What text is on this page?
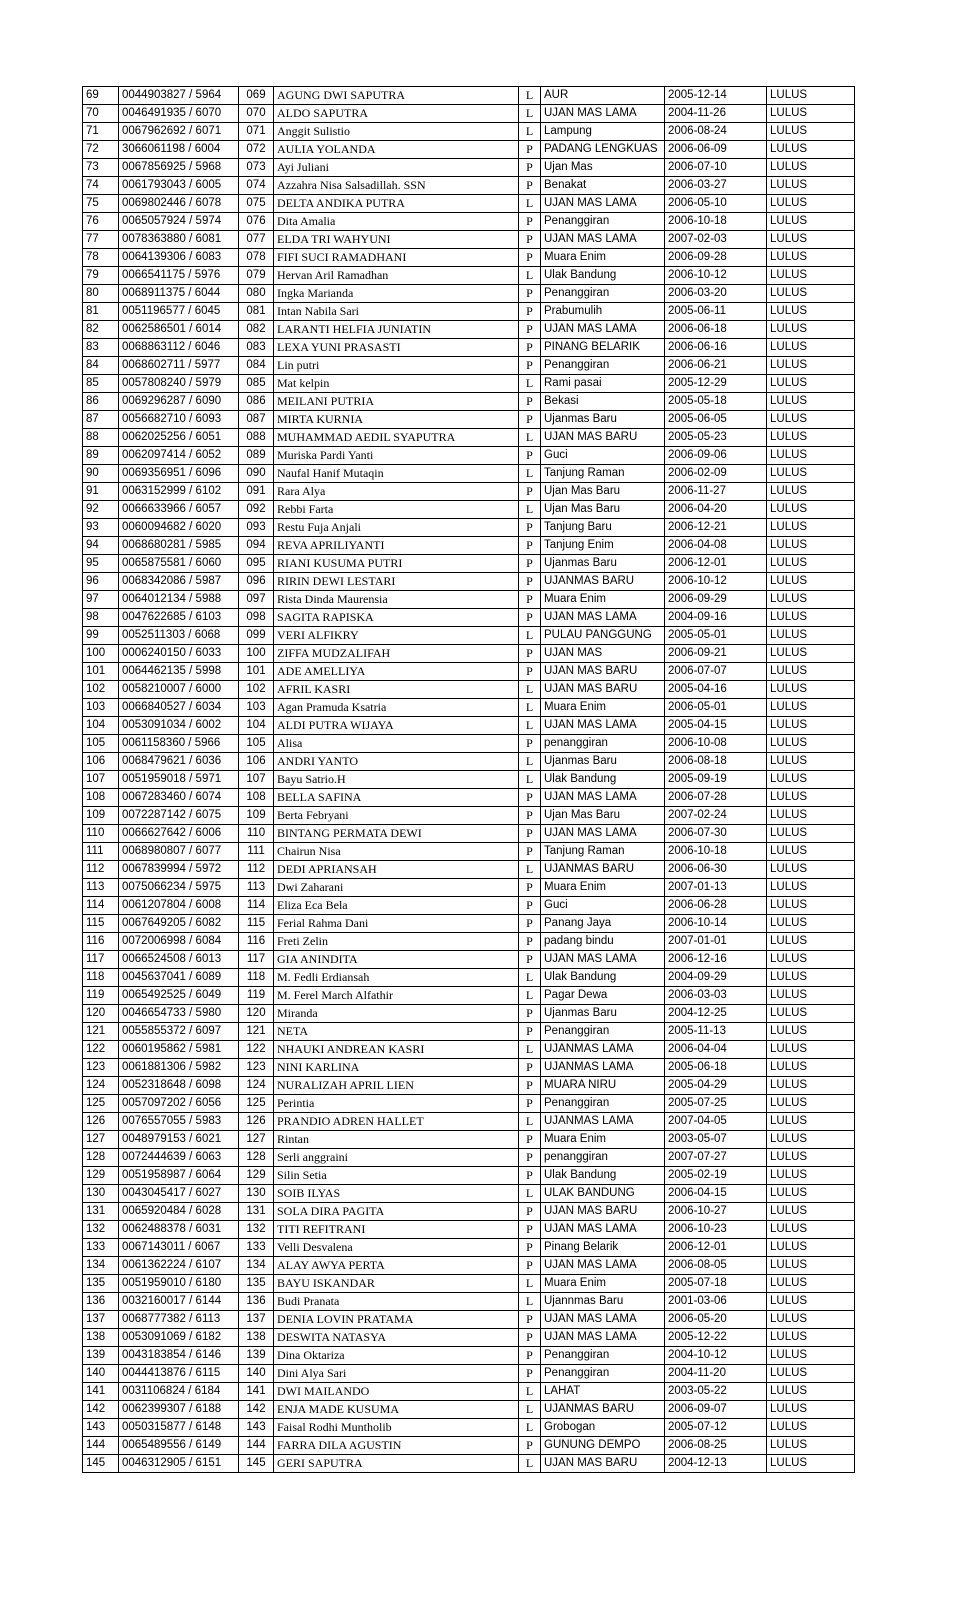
69	0044903827 / 5964	069	AGUNG DWI SAPUTRA	L	AUR	2005-12-14	LULUS
70	0046491935 / 6070	070	ALDO SAPUTRA	L	UJAN MAS LAMA	2004-11-26	LULUS
71	0067962692 / 6071	071	Anggit Sulistio	L	Lampung	2006-08-24	LULUS
72	3066061198 / 6004	072	AULIA YOLANDA	P	PADANG LENGKUAS	2006-06-09	LULUS
73	0067856925 / 5968	073	Ayi Juliani	P	Ujan Mas	2006-07-10	LULUS
74	0061793043 / 6005	074	Azzahra Nisa Salsadillah. SSN	P	Benakat	2006-03-27	LULUS
75	0069802446 / 6078	075	DELTA ANDIKA PUTRA	L	UJAN MAS LAMA	2006-05-10	LULUS
76	0065057924 / 5974	076	Dita Amalia	P	Penanggiran	2006-10-18	LULUS
77	0078363880 / 6081	077	ELDA TRI WAHYUNI	P	UJAN MAS LAMA	2007-02-03	LULUS
78	0064139306 / 6083	078	FIFI SUCI RAMADHANI	P	Muara Enim	2006-09-28	LULUS
79	0066541175 / 5976	079	Hervan Aril Ramadhan	L	Ulak Bandung	2006-10-12	LULUS
80	0068911375 / 6044	080	Ingka Marianda	P	Penanggiran	2006-03-20	LULUS
81	0051196577 / 6045	081	Intan Nabila Sari	P	Prabumulih	2005-06-11	LULUS
82	0062586501 / 6014	082	LARANTI HELFIA JUNIATIN	P	UJAN MAS LAMA	2006-06-18	LULUS
83	0068863112 / 6046	083	LEXA YUNI PRASASTI	P	PINANG BELARIK	2006-06-16	LULUS
84	0068602711 / 5977	084	Lin putri	P	Penanggiran	2006-06-21	LULUS
85	0057808240 / 5979	085	Mat kelpin	L	Rami pasai	2005-12-29	LULUS
86	0069296287 / 6090	086	MEILANI PUTRIA	P	Bekasi	2005-05-18	LULUS
87	0056682710 / 6093	087	MIRTA KURNIA	P	Ujanmas Baru	2005-06-05	LULUS
88	0062025256 / 6051	088	MUHAMMAD AEDIL SYAPUTRA	L	UJAN MAS BARU	2005-05-23	LULUS
89	0062097414 / 6052	089	Muriska Pardi Yanti	P	Guci	2006-09-06	LULUS
90	0069356951 / 6096	090	Naufal Hanif Mutaqin	L	Tanjung Raman	2006-02-09	LULUS
91	0063152999 / 6102	091	Rara Alya	P	Ujan Mas Baru	2006-11-27	LULUS
92	0066633966 / 6057	092	Rebbi Farta	L	Ujan Mas Baru	2006-04-20	LULUS
93	0060094682 / 6020	093	Restu Fuja Anjali	P	Tanjung Baru	2006-12-21	LULUS
94	0068680281 / 5985	094	REVA APRILIYANTI	P	Tanjung Enim	2006-04-08	LULUS
95	0065875581 / 6060	095	RIANI KUSUMA PUTRI	P	Ujanmas Baru	2006-12-01	LULUS
96	0068342086 / 5987	096	RIRIN DEWI LESTARI	P	UJANMAS BARU	2006-10-12	LULUS
97	0064012134 / 5988	097	Rista Dinda Maurensia	P	Muara Enim	2006-09-29	LULUS
98	0047622685 / 6103	098	SAGITA RAPISKA	P	UJAN MAS LAMA	2004-09-16	LULUS
99	0052511303 / 6068	099	VERI ALFIKRY	L	PULAU PANGGUNG	2005-05-01	LULUS
100	0006240150 / 6033	100	ZIFFA MUDZALIFAH	P	UJAN MAS	2006-09-21	LULUS
101	0064462135 / 5998	101	ADE AMELLIYA	P	UJAN MAS BARU	2006-07-07	LULUS
102	0058210007 / 6000	102	AFRIL KASRI	L	UJAN MAS BARU	2005-04-16	LULUS
103	0066840527 / 6034	103	Agan Pramuda Ksatria	L	Muara Enim	2006-05-01	LULUS
104	0053091034 / 6002	104	ALDI PUTRA WIJAYA	L	UJAN MAS LAMA	2005-04-15	LULUS
105	0061158360 / 5966	105	Alisa	P	penanggiran	2006-10-08	LULUS
106	0068479621 / 6036	106	ANDRI YANTO	L	Ujanmas Baru	2006-08-18	LULUS
107	0051959018 / 5971	107	Bayu Satrio.H	L	Ulak Bandung	2005-09-19	LULUS
108	0067283460 / 6074	108	BELLA SAFINA	P	UJAN MAS LAMA	2006-07-28	LULUS
109	0072287142 / 6075	109	Berta Febryani	P	Ujan Mas Baru	2007-02-24	LULUS
110	0066627642 / 6006	110	BINTANG PERMATA DEWI	P	UJAN MAS LAMA	2006-07-30	LULUS
111	0068980807 / 6077	111	Chairun Nisa	P	Tanjung Raman	2006-10-18	LULUS
112	0067839994 / 5972	112	DEDI APRIANSAH	L	UJANMAS BARU	2006-06-30	LULUS
113	0075066234 / 5975	113	Dwi Zaharani	P	Muara Enim	2007-01-13	LULUS
114	0061207804 / 6008	114	Eliza Eca Bela	P	Guci	2006-06-28	LULUS
115	0067649205 / 6082	115	Ferial Rahma Dani	P	Panang Jaya	2006-10-14	LULUS
116	0072006998 / 6084	116	Freti Zelin	P	padang bindu	2007-01-01	LULUS
117	0066524508 / 6013	117	GIA ANINDITA	P	UJAN MAS LAMA	2006-12-16	LULUS
118	0045637041 / 6089	118	M. Fedli Erdiansah	L	Ulak Bandung	2004-09-29	LULUS
119	0065492525 / 6049	119	M. Ferel March Alfathir	L	Pagar Dewa	2006-03-03	LULUS
120	0046654733 / 5980	120	Miranda	P	Ujanmas Baru	2004-12-25	LULUS
121	0055855372 / 6097	121	NETA	P	Penanggiran	2005-11-13	LULUS
122	0060195862 / 5981	122	NHAUKI ANDREAN KASRI	L	UJANMAS LAMA	2006-04-04	LULUS
123	0061881306 / 5982	123	NINI KARLINA	P	UJANMAS LAMA	2005-06-18	LULUS
124	0052318648 / 6098	124	NURALIZAH APRIL LIEN	P	MUARA NIRU	2005-04-29	LULUS
125	0057097202 / 6056	125	Perintia	P	Penanggiran	2005-07-25	LULUS
126	0076557055 / 5983	126	PRANDIO ADREN HALLET	L	UJANMAS LAMA	2007-04-05	LULUS
127	0048979153 / 6021	127	Rintan	P	Muara Enim	2003-05-07	LULUS
128	0072444639 / 6063	128	Serli anggraini	P	penanggiran	2007-07-27	LULUS
129	0051958987 / 6064	129	Silin Setia	P	Ulak Bandung	2005-02-19	LULUS
130	0043045417 / 6027	130	SOIB ILYAS	L	ULAK BANDUNG	2006-04-15	LULUS
131	0065920484 / 6028	131	SOLA DIRA PAGITA	P	UJAN MAS BARU	2006-10-27	LULUS
132	0062488378 / 6031	132	TITI REFITRANI	P	UJAN MAS LAMA	2006-10-23	LULUS
133	0067143011 / 6067	133	Velli Desvalena	P	Pinang Belarik	2006-12-01	LULUS
134	0061362224 / 6107	134	ALAY AWYA PERTA	P	UJAN MAS LAMA	2006-08-05	LULUS
135	0051959010 / 6180	135	BAYU ISKANDAR	L	Muara Enim	2005-07-18	LULUS
136	0032160017 / 6144	136	Budi Pranata	L	Ujannmas Baru	2001-03-06	LULUS
137	0068777382 / 6113	137	DENIA LOVIN PRATAMA	P	UJAN MAS LAMA	2006-05-20	LULUS
138	0053091069 / 6182	138	DESWITA NATASYA	P	UJAN MAS LAMA	2005-12-22	LULUS
139	0043183854 / 6146	139	Dina Oktariza	P	Penanggiran	2004-10-12	LULUS
140	0044413876 / 6115	140	Dini Alya Sari	P	Penanggiran	2004-11-20	LULUS
141	0031106824 / 6184	141	DWI MAILANDO	L	LAHAT	2003-05-22	LULUS
142	0062399307 / 6188	142	ENJA MADE KUSUMA	L	UJANMAS BARU	2006-09-07	LULUS
143	0050315877 / 6148	143	Faisal Rodhi Muntholib	L	Grobogan	2005-07-12	LULUS
144	0065489556 / 6149	144	FARRA DILA AGUSTIN	P	GUNUNG DEMPO	2006-08-25	LULUS
145	0046312905 / 6151	145	GERI SAPUTRA	L	UJAN MAS BARU	2004-12-13	LULUS
